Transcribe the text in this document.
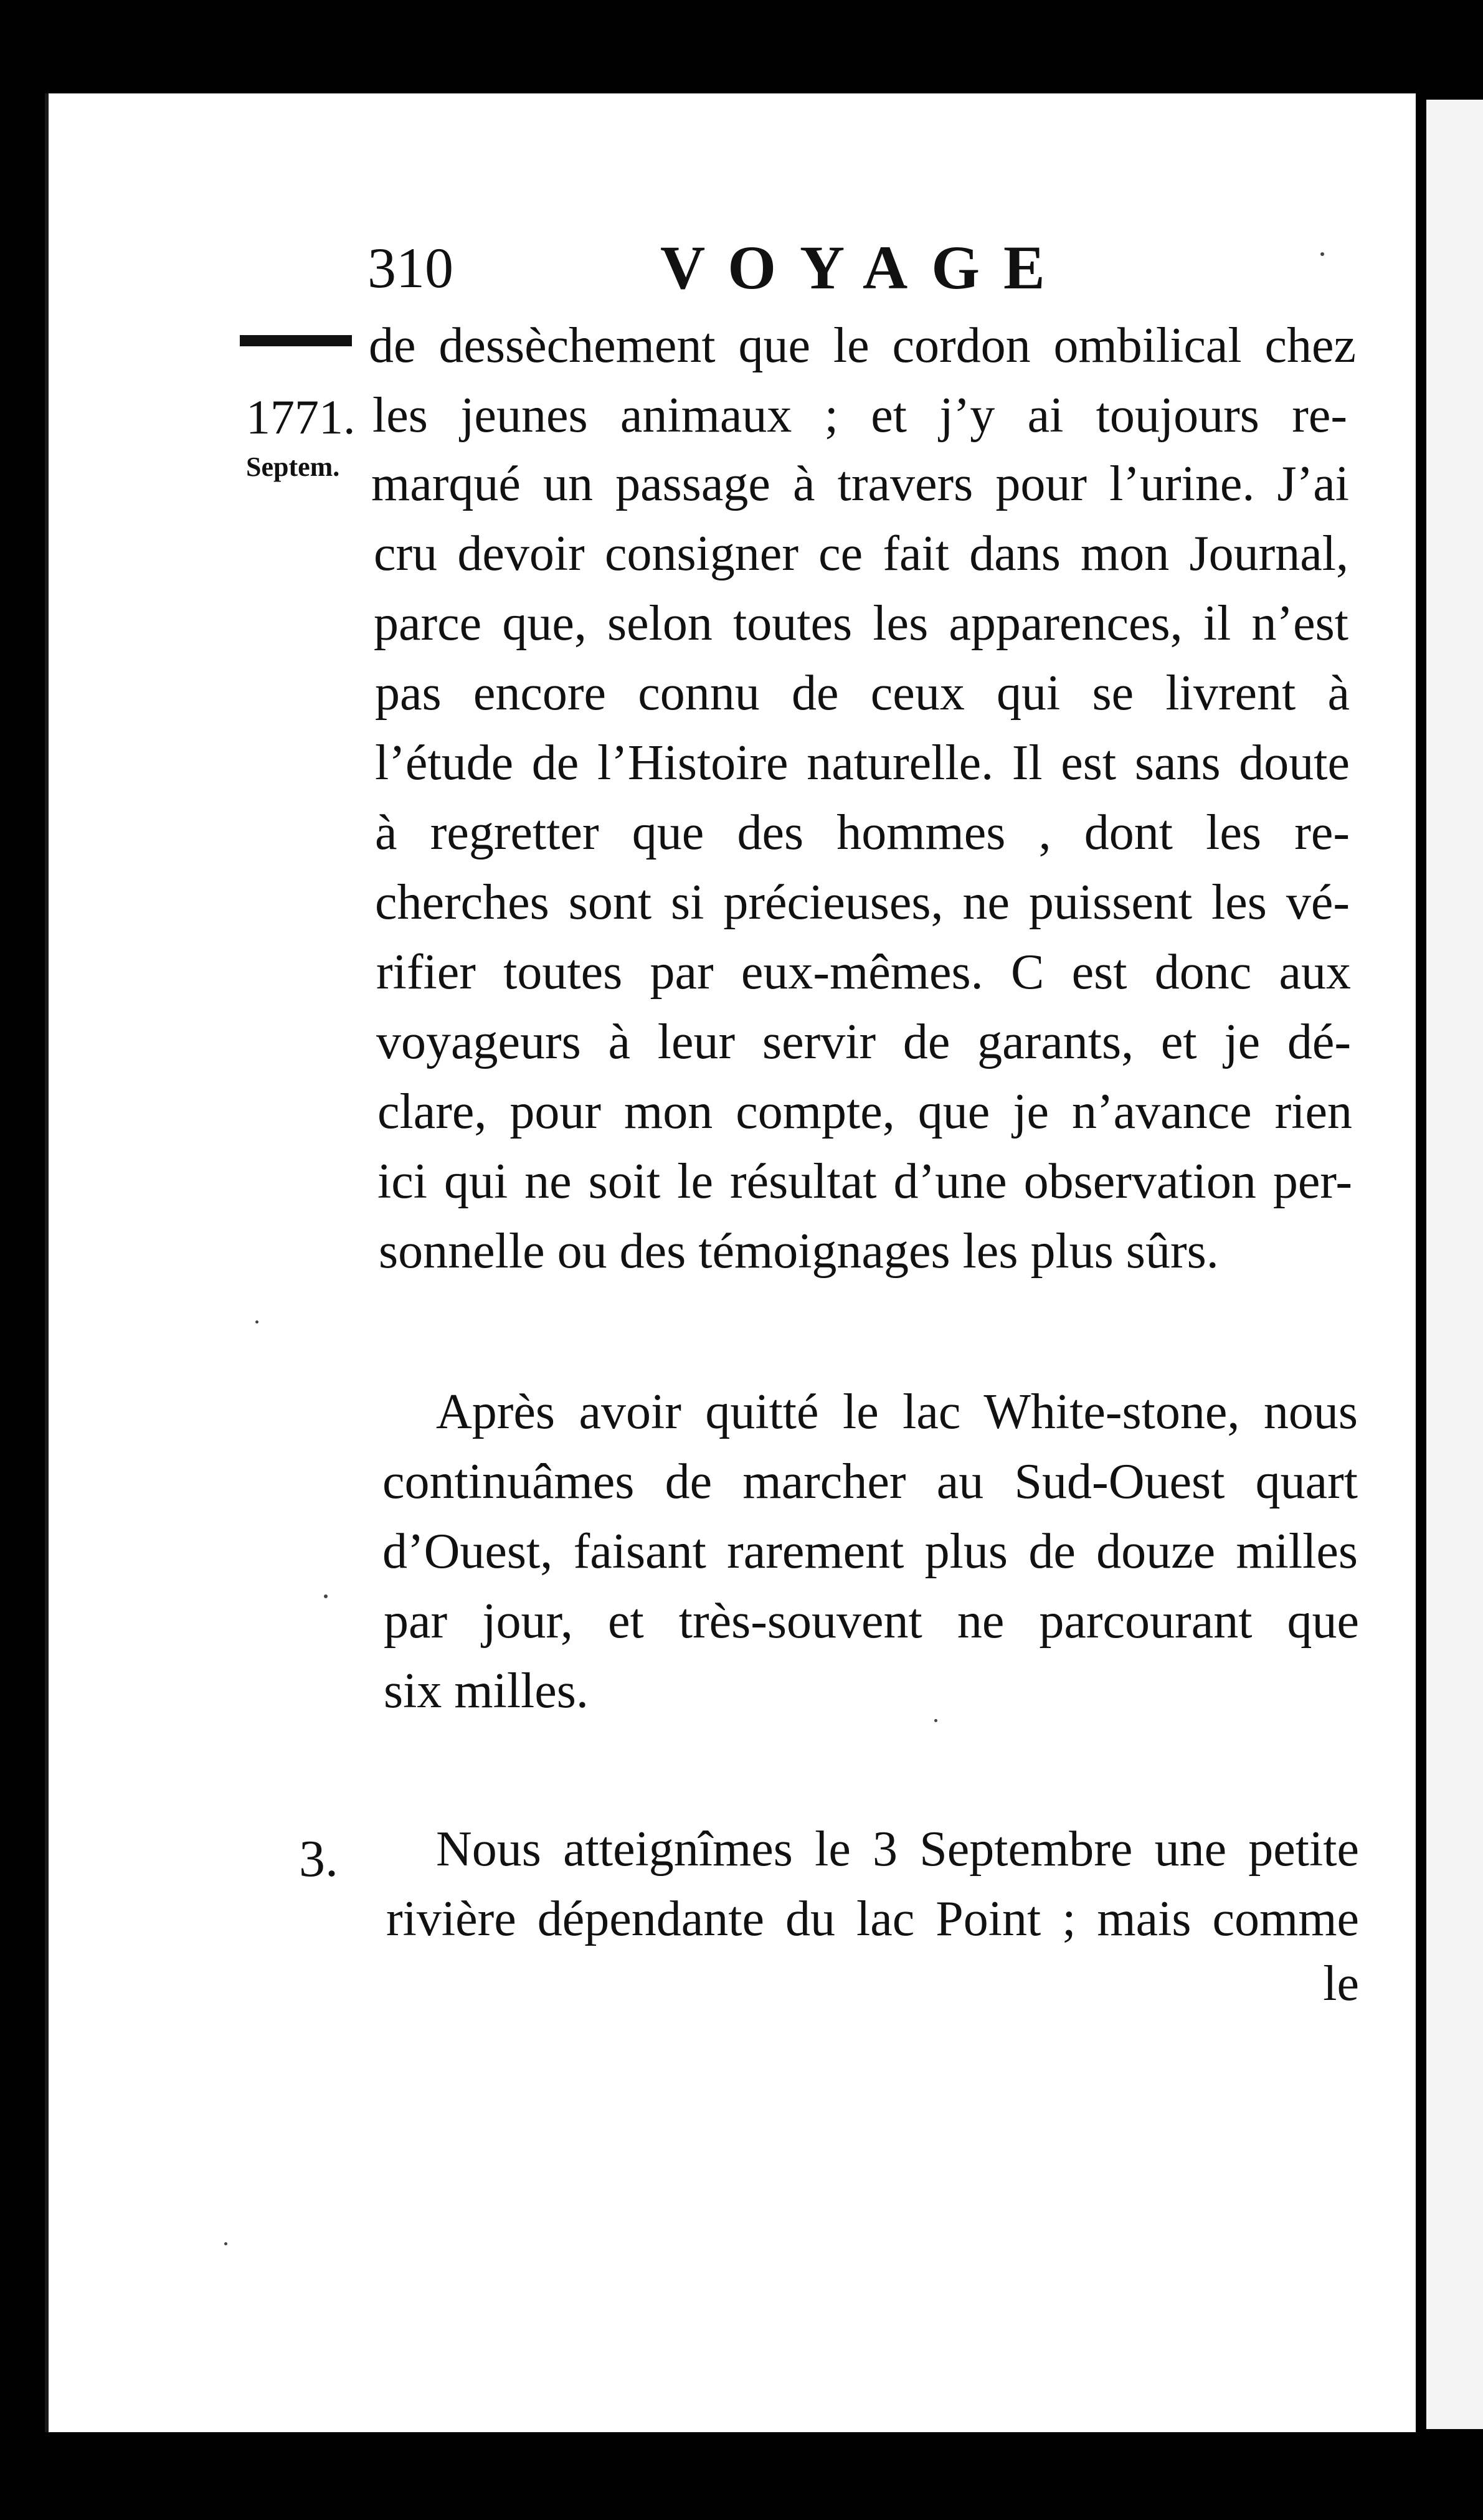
310	VOYAGE
1771.
Septem.
3.
de dessèchement que le cordon ombilical chez
les jeunes animaux ; et j’y ai toujours re-
marqué un passage à travers pour l’urine. J’ai
cru devoir consigner ce fait dans mon Journal,
parce que, selon toutes les apparences, il n’est
pas encore connu de ceux qui se livrent à
l’étude de l’Histoire naturelle. Il est sans doute
à regretter que des hommes , dont les re-
cherches sont si précieuses, ne puissent les vé-
rifier toutes par eux-mêmes. C est donc aux
voyageurs à leur servir de garants, et je dé-
clare, pour mon compte, que je n’avance rien
ici qui ne soit le résultat d’une observation per-
sonnelle ou des témoignages les plus sûrs.
Après avoir quitté le lac White-stone, nous
continuâmes de marcher au Sud-Ouest quart
d’Ouest, faisant rarement plus de douze milles
par jour, et très-souvent ne parcourant que
six milles.
Nous atteignîmes le 3 Septembre une petite
rivière dépendante du lac Point ; mais comme
le
